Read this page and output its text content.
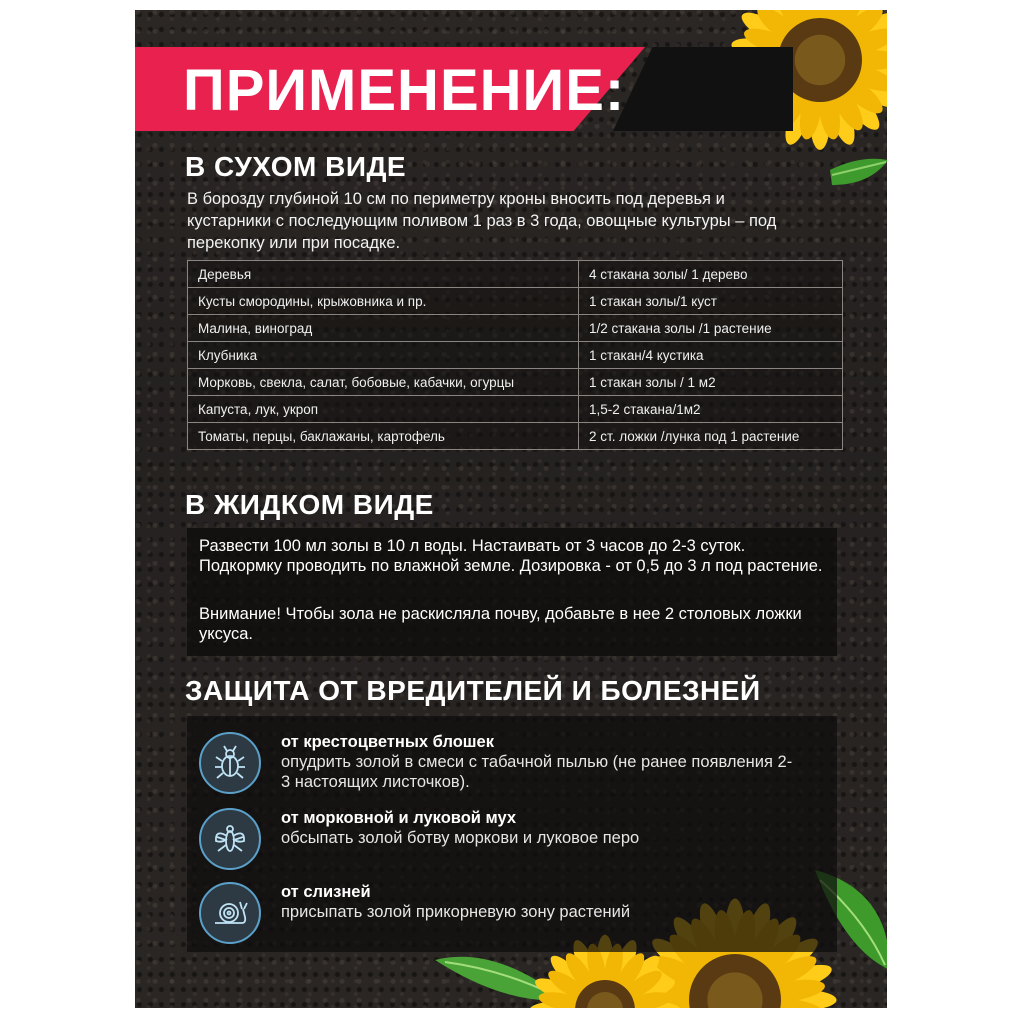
ПРИМЕНЕНИЕ:
В СУХОМ ВИДЕ

В борозду глубиной 10 см по периметру кроны вносить под деревья и кустарники с последующим поливом 1 раз в 3 года, овощные культуры – под перекопку или при посадке.

Деревья	4 стакана золы/ 1 дерево
Кусты смородины, крыжовника и пр.	1 стакан золы/1 куст
Малина, виноград	1/2 стакана золы /1 растение
Клубника	1 стакан/4 кустика
Морковь, свекла, салат, бобовые, кабачки, огурцы	1 стакан золы / 1 м2
Капуста, лук, укроп	1,5-2 стакана/1м2
Томаты, перцы, баклажаны, картофель	2 ст. ложки /лунка под 1 растение
В ЖИДКОМ ВИДЕ

Развести 100 мл золы в 10 л воды. Настаивать от 3 часов до 2-3 суток. Подкормку проводить по влажной земле. Дозировка - от 0,5 до 3 л под растение.

Внимание! Чтобы зола не раскисляла почву, добавьте в нее 2 столовых ложки уксуса.

ЗАЩИТА ОТ ВРЕДИТЕЛЕЙ И БОЛЕЗНЕЙ

от крестоцветных блошек

опудрить золой в смеси с табачной пылью (не ранее появления 2-3 настоящих листочков).

от морковной и луковой мух

обсыпать золой ботву моркови и луковое перо

от слизней

присыпать золой прикорневую зону растений
